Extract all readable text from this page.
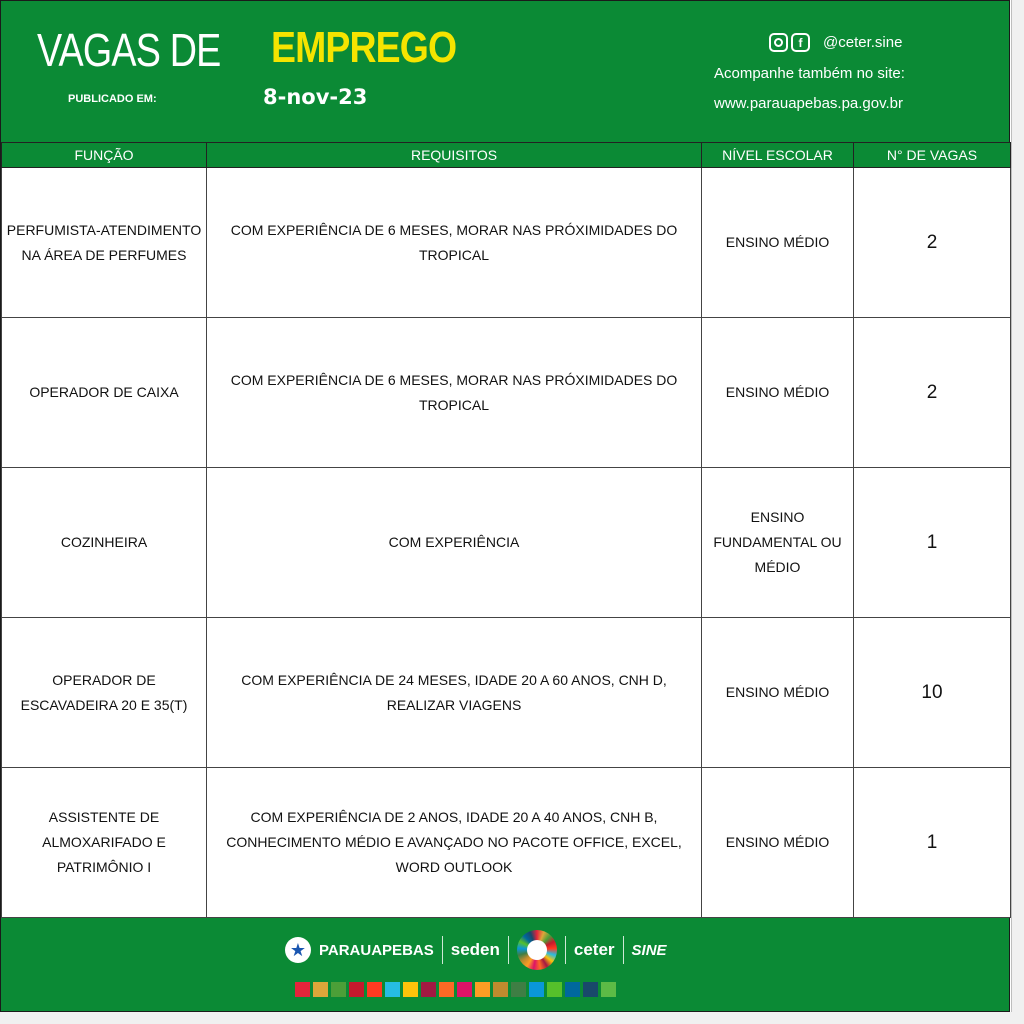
VAGAS DE EMPREGO
PUBLICADO EM:	8-nov-23
f	@ceter.sine
Acompanhe também no site:
www.parauapebas.pa.gov.br
FUNÇÃO	REQUISITOS	NÍVEL ESCOLAR	N° DE VAGAS
PERFUMISTA-ATENDIMENTO NA ÁREA DE PERFUMES	COM EXPERIÊNCIA DE 6 MESES, MORAR NAS PRÓXIMIDADES DO TROPICAL	ENSINO MÉDIO	2
OPERADOR DE CAIXA	COM EXPERIÊNCIA DE 6 MESES, MORAR NAS PRÓXIMIDADES DO TROPICAL	ENSINO MÉDIO	2
COZINHEIRA	COM EXPERIÊNCIA	ENSINO FUNDAMENTAL OU MÉDIO	1
OPERADOR DE ESCAVADEIRA 20 E 35(T)	COM EXPERIÊNCIA DE 24 MESES, IDADE 20 A 60 ANOS, CNH D, REALIZAR VIAGENS	ENSINO MÉDIO	10
ASSISTENTE DE ALMOXARIFADO E PATRIMÔNIO I	COM EXPERIÊNCIA DE 2 ANOS, IDADE 20 A 40 ANOS, CNH B, CONHECIMENTO MÉDIO E AVANÇADO NO PACOTE OFFICE, EXCEL, WORD OUTLOOK	ENSINO MÉDIO	1
★ PARAUAPEBAS seden	ceter SINE
